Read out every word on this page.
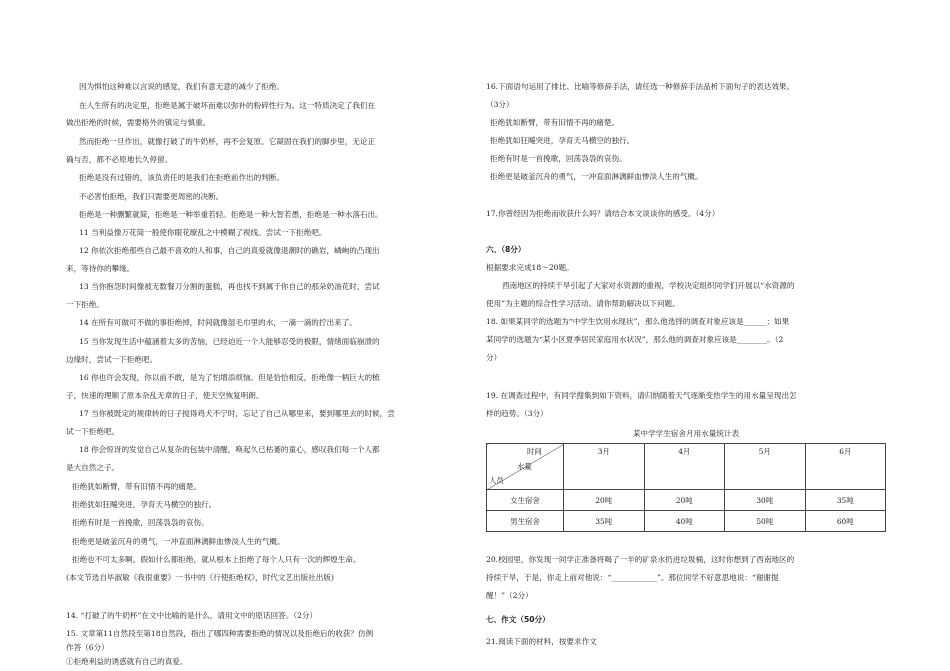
因为惧怕这种难以言说的感觉，我们有意无意的减少了拒绝。
在人生所有的决定里，拒绝是属于破坏而难以弥补的粉碎性行为。这一特质决定了我们在
做出拒绝的时候，需要格外的镇定与慎重。
然而拒绝一旦作出，就像打破了的牛奶杯，再不会复原。它凝固在我们的脚步里，无论正
确与否，都不必原地长久停留。
拒绝是没有过错的，该负责任的是我们在拒绝前作出的判断。
不必害怕拒绝，我们只需要更周密的决断。
拒绝是一种删繁就简，拒绝是一种举重若轻。拒绝是一种大智若愚，拒绝是一种水落石出。
11 当利益像万花筒一般使你眼花缭乱之中模糊了视线。尝试一下拒绝吧。
12 你依次拒绝那些自己最不喜欢的人和事，自己的真爱就像退潮时的礁岩，嶙峋的凸现出
来，等待你的攀缘。
13 当你抱怨时间像被无数餐刀分割的蛋糕，再也找不到属于你自己的那朵奶油花时，尝试
一下拒绝。
14 在所有可做可不做的事拒绝掉，时间就像湿毛巾里的水，一滴一滴的拧出来了。
15 当你发现生活中蕴涵着太多的苦恼，已经迫近一个人能够忍受的极限，情绪面临崩溃的
边缘时，尝试一下拒绝吧。
16 你也许会发现，你以前不敢，是为了怕增添烦恼。但是恰恰相反，拒绝像一柄巨大的梳
子，快速的理顺了原本杂乱无章的日子，使天空恢复明朗。
17 当你被既定的规律转的日子搅得鸡犬不宁时，忘记了自己从哪里来，要到哪里去的时候，尝
试一下拒绝吧。
18 你会惊讶的发觉自己从复杂的包装中清醒，唤起久已枯萎的童心，感叹我们每一个人都
是大自然之子。
拒绝犹如断臂，带有旧情不再的痛楚。
拒绝犹如狂飚突进，孕育天马横空的独行。
拒绝有时是一首挽歌，回荡袅袅的哀伤。
拒绝更是破釜沉舟的勇气，一冲直面淋漓鲜血惨淡人生的气概。
拒绝也不可太多啊。假如什么都拒绝，就从根本上拒绝了每个人只有一次的辉煌生命。
(本文节选自毕淑敏《我很重要》一书中的《行使拒绝权》，时代文艺出版社出版)
14. “打破了的牛奶杯”在文中比喻的是什么，请用文中的原话回答。（2分）
16.下面语句运用了排比、比喻等修辞手法，请任选一种修辞手法品析下面句子的表达效果。
（3分）
拒绝犹如断臂，带有旧情不再的痛楚。
拒绝犹如狂飚突进，孕育天马横空的独行。
拒绝有时是一首挽歌，回荡袅袅的哀伤。
拒绝更是破釜沉舟的勇气，一冲直面淋漓鲜血惨淡人生的气概。
17.你曾经因为拒绝而收获什么吗？请结合本文谈谈你的感受。（4分）
六、（8分）
根据要求完成18～20题。
西南地区的持续干旱引起了大家对水资源的重视，学校决定组织同学们开展以“水资源的
使用”为主题的综合性学习活动。请你帮助解决以下问题。
18. 如果某同学的选题为“中学生饮用水现状”，那么他选择的调查对象应该是______；如果
某同学的选题为“某小区夏季居民家庭用水状况”，那么他的调查对象应该是________。（2
分）
19. 在调查过程中，有同学搜集到如下资料，请归纳随着天气逐渐变热学生的用水量呈现出怎
样的趋势。（3分）
某中学学生宿舍月用水量统计表
时间
水量
人员	3月	4月	5月	6月
女生宿舍	20吨	20吨	30吨	35吨
男生宿舍	35吨	40吨	50吨	60吨
20.校园里，你发现一同学正准备将喝了一半的矿泉水扔进垃圾桶，这时你想到了西南地区的
持续干旱，于是，你走上前对他说：“____________”。那位同学不好意思地说：“谢谢提
醒！”（2分）
七、作文（50分）
21.阅读下面的材料，按要求作文
15. 文章第11自然段至第18自然段，指出了哪四种需要拒绝的情况以及拒绝后的收获？仿例
作答（6分）
①拒绝利益的诱惑就有自己的真爱。
